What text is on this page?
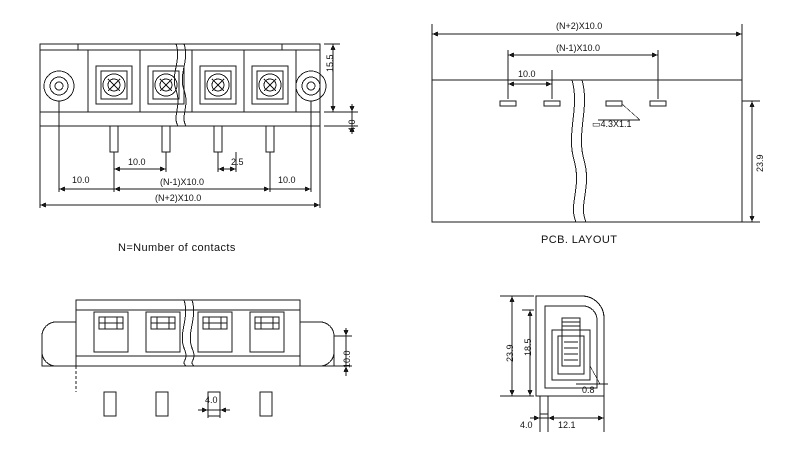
15.5
4.0
10.0	2.5
10.0	10.0
(N-1)X10.0
(N+2)X10.0
(N+2)X10.0
(N-1)X10.0
10.0
▭4.3X1.1
23.9
10.0
4.0
23.9 18.5
0.8
4.0	12.1
N=Number of contacts
PCB. LAYOUT
